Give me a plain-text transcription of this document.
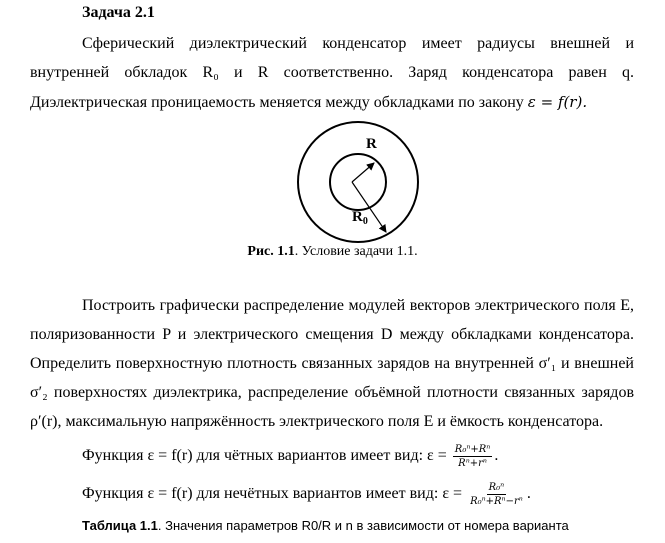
Задача 2.1
Сферический диэлектрический конденсатор имеет радиусы внешней и
внутренней обкладок R₀ и R соответственно. Заряд конденсатора равен q.
Диэлектрическая проницаемость меняется между обкладками по закону ε = f(r).
R
$R_0$
Рис. 1.1. Условие задачи 1.1.
Построить графически распределение модулей векторов электрического поля E,
поляризованности P и электрического смещения D между обкладками конденсатора.
Определить поверхностную плотность связанных зарядов на внутренней σ′₁ и внешней
σ′₂ поверхностях диэлектрика, распределение объёмной плотности связанных зарядов
ρ′(r), максимальную напряжённость электрического поля E и ёмкость конденсатора.
Функция ε = f(r) для чётных вариантов имеет вид: $\varepsilon = \frac{\text{R₀ⁿ+Rⁿ}}{\text{Rⁿ+rⁿ}}$ .
Функция ε = f(r) для нечётных вариантов имеет вид: $\varepsilon = \frac{\text{R₀ⁿ}}{\text{R₀ⁿ+Rⁿ−rⁿ}}$ .
Таблица 1.1. Значения параметров R0/R и n в зависимости от номера варианта
